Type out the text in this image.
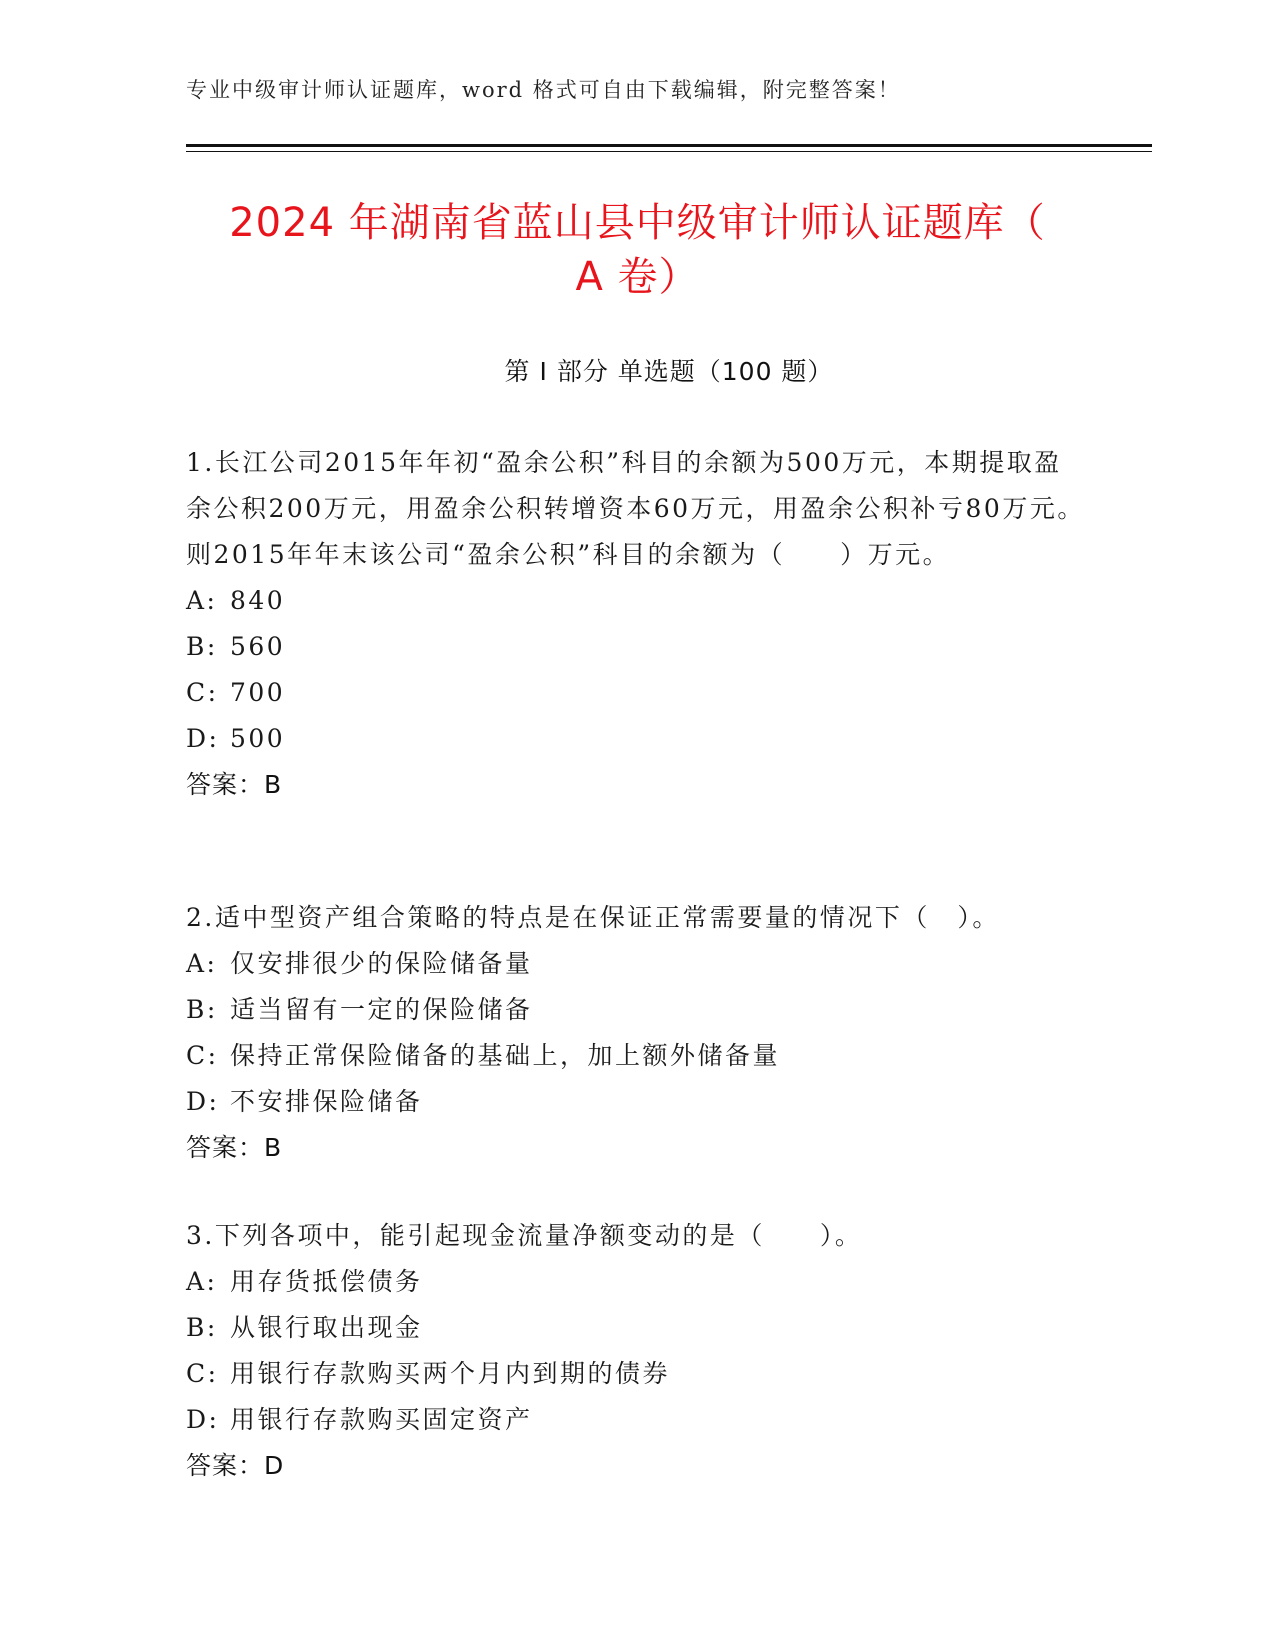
专业中级审计师认证题库，word 格式可自由下载编辑，附完整答案！
2024 年湖南省蓝山县中级审计师认证题库（
A 卷）
第 I 部分 单选题（100 题）

1.长江公司2015年年初“盈余公积”科目的余额为500万元，本期提取盈余公积200万元，用盈余公积转增资本60万元，用盈余公积补亏80万元。则2015年年末该公司“盈余公积”科目的余额为（　　）万元。

A: 840

B: 560

C: 700

D: 500

答案：B

2.适中型资产组合策略的特点是在保证正常需要量的情况下（　）。

A: 仅安排很少的保险储备量

B: 适当留有一定的保险储备

C: 保持正常保险储备的基础上，加上额外储备量

D: 不安排保险储备

答案：B

3.下列各项中，能引起现金流量净额变动的是（　　）。

A: 用存货抵偿债务

B: 从银行取出现金

C: 用银行存款购买两个月内到期的债券

D: 用银行存款购买固定资产

答案：D
